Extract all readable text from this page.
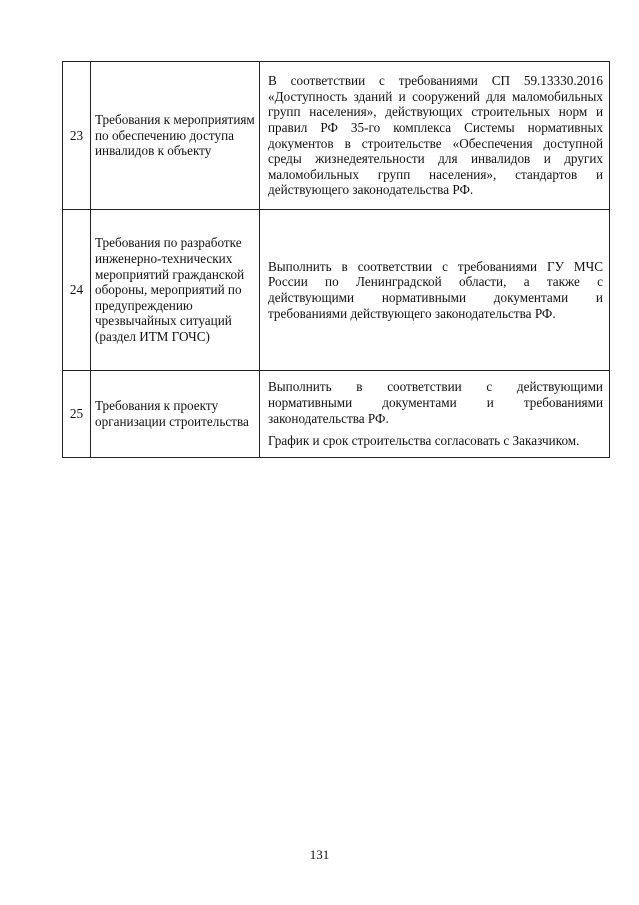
23	Требования к мероприятиям по обеспечению доступа инвалидов к объекту	В соответствии с требованиями СП 59.13330.2016 «Доступность зданий и сооружений для маломобильных групп населения», действующих строительных норм и правил РФ 35-го комплекса Системы нормативных документов в строительстве «Обеспечения доступной среды жизнедеятельности для инвалидов и других маломобильных групп населения», стандартов и действующего законодательства РФ.

24	Требования по разработке инженерно-технических мероприятий гражданской обороны, мероприятий по предупреждению чрезвычайных ситуаций (раздел ИТМ ГОЧС)	Выполнить в соответствии с требованиями ГУ МЧС России по Ленинградской области, а также с действующими нормативными документами и требованиями действующего законодательства РФ.

25	Требования к проекту организации строительства	Выполнить в соответствии с действующими нормативными документами и требованиями законодательства РФ.

График и срок строительства согласовать с Заказчиком.

131
